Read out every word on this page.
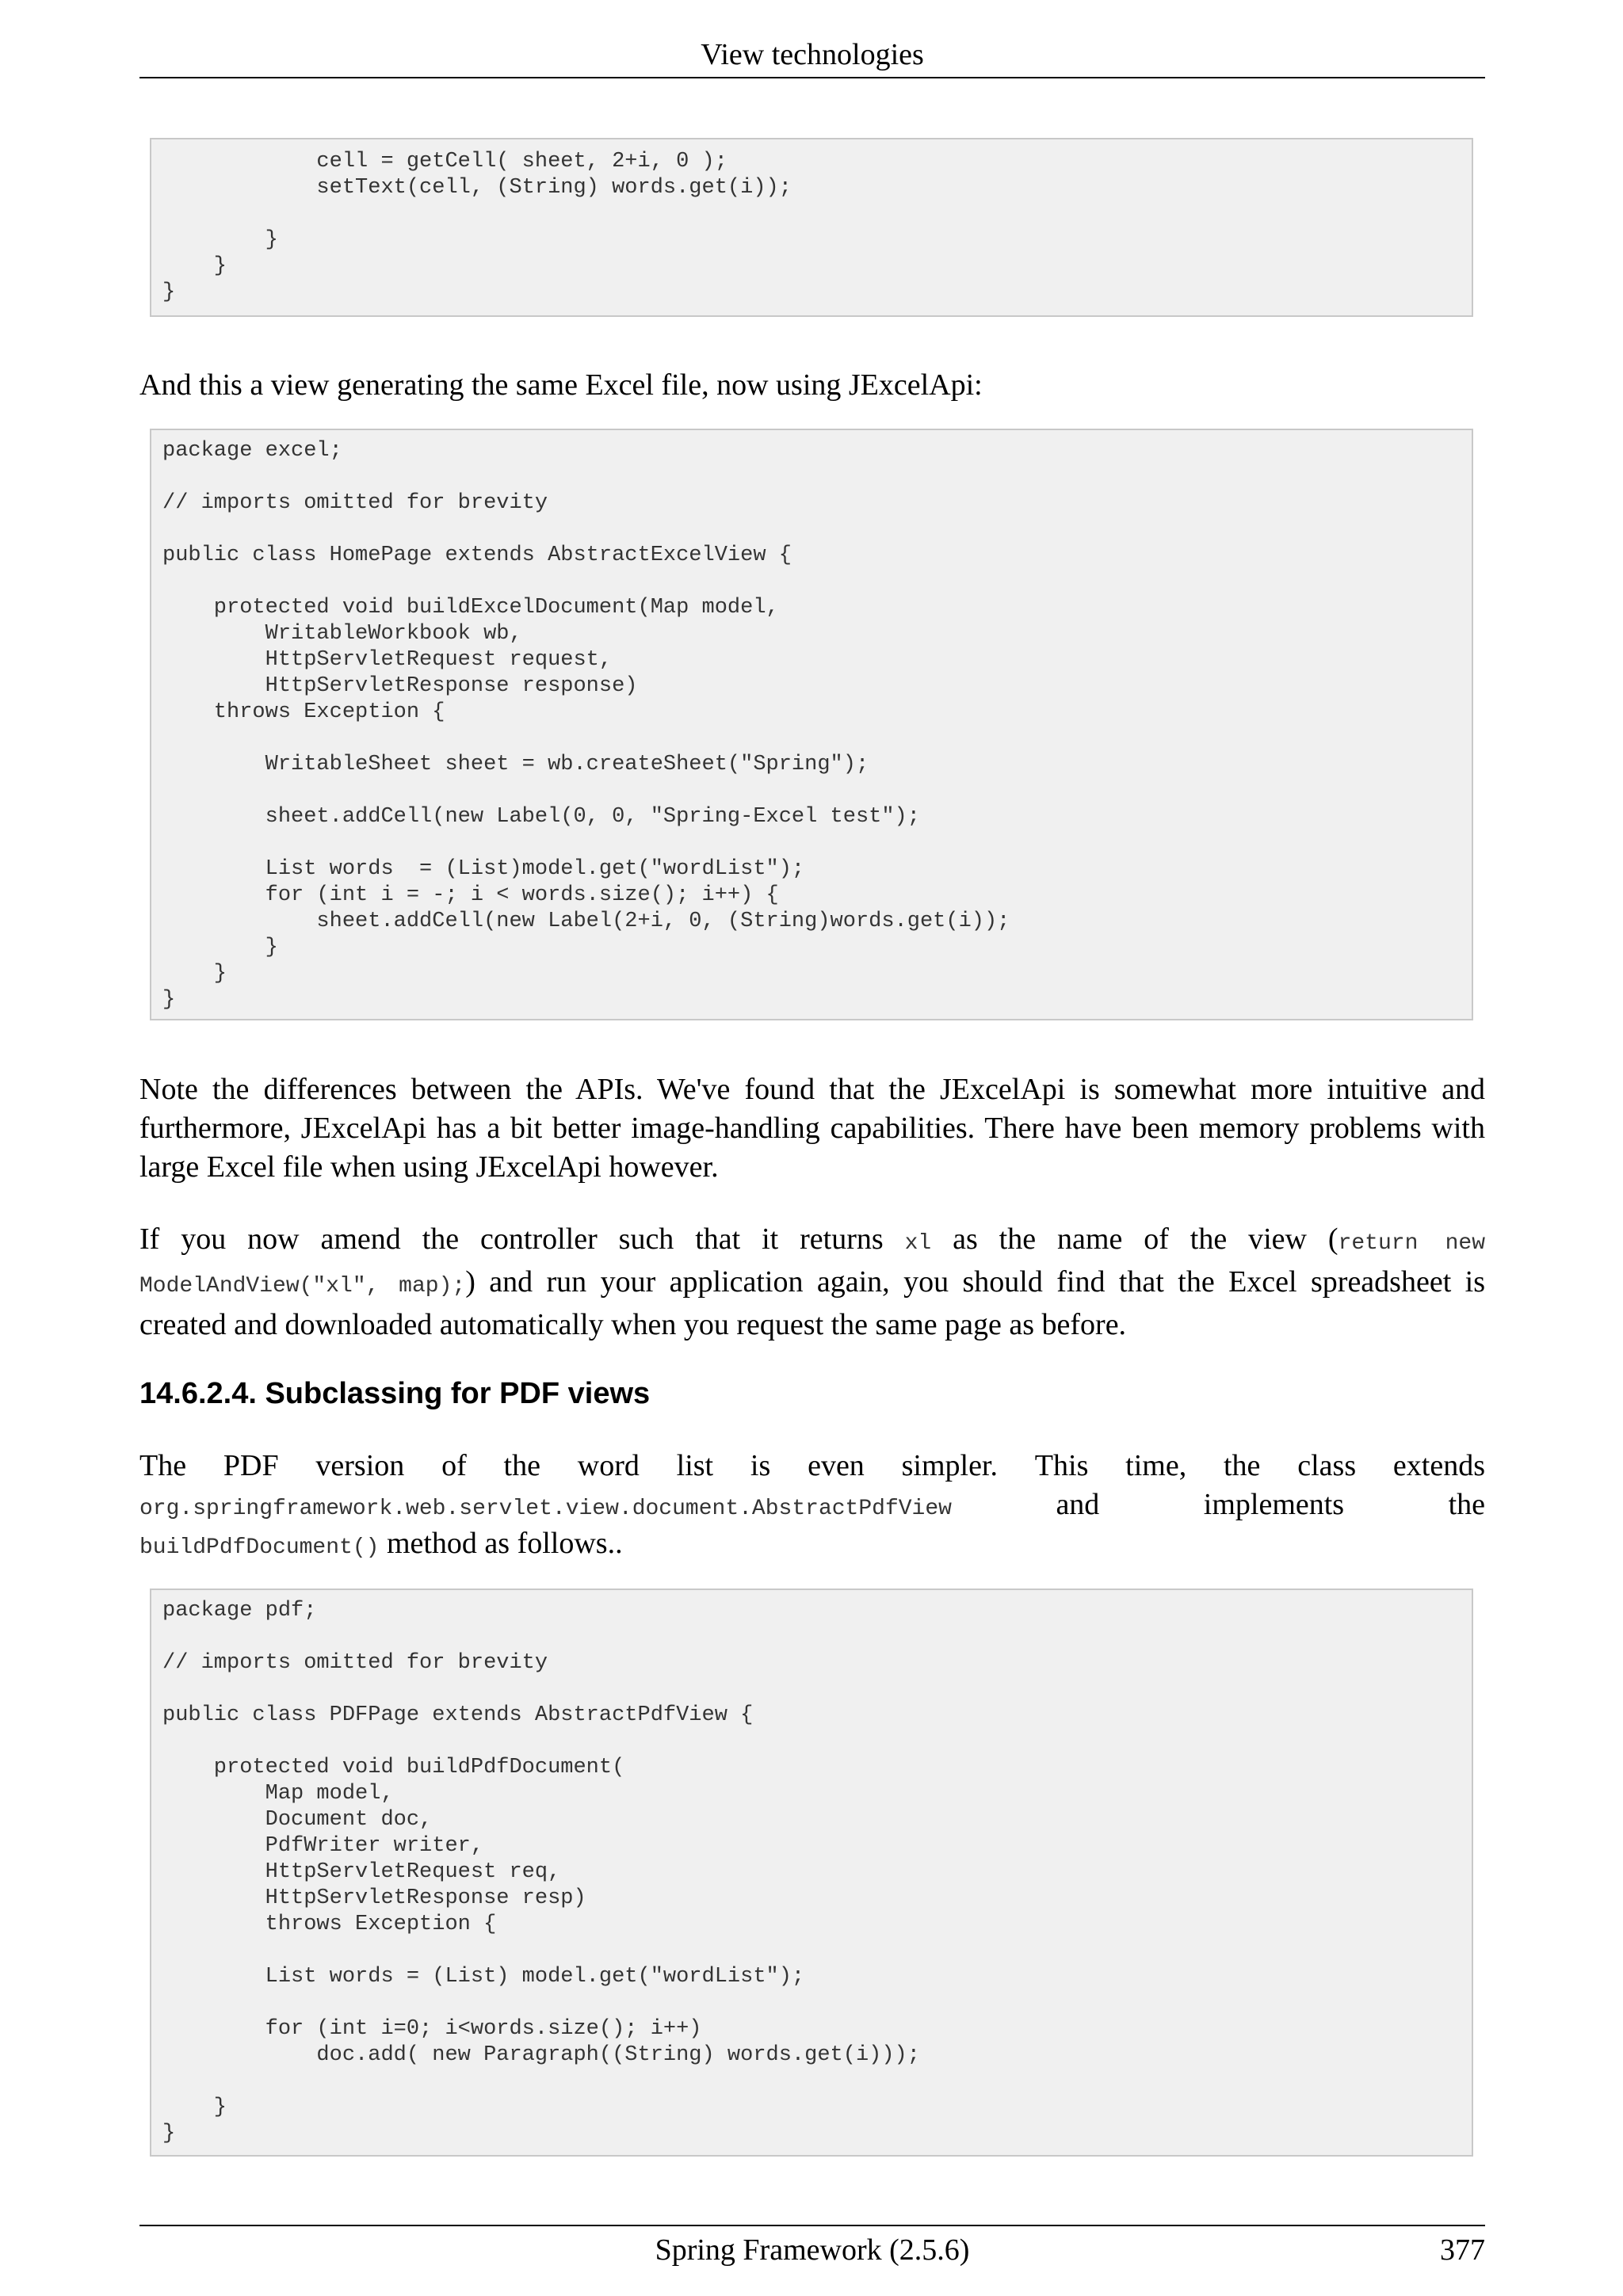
View technologies
cell = getCell( sheet, 2+i, 0 );
setText(cell, (String) words.get(i));

}
}
}

And this a view generating the same Excel file, now using JExcelApi:

package excel;

// imports omitted for brevity

public class HomePage extends AbstractExcelView {

protected void buildExcelDocument(Map model,
WritableWorkbook wb,
HttpServletRequest request,
HttpServletResponse response)
throws Exception {

WritableSheet sheet = wb.createSheet("Spring");

sheet.addCell(new Label(0, 0, "Spring-Excel test");

List words  = (List)model.get("wordList");
for (int i = -; i < words.size(); i++) {
sheet.addCell(new Label(2+i, 0, (String)words.get(i));
}
}
}

Note the differences between the APIs. We've found that the JExcelApi is somewhat more intuitive and furthermore, JExcelApi has a bit better image-handling capabilities. There have been memory problems with large Excel file when using JExcelApi however.

If you now amend the controller such that it returns xl as the name of the view (return new ModelAndView("xl", map);) and run your application again, you should find that the Excel spreadsheet is created and downloaded automatically when you request the same page as before.

14.6.2.4. Subclassing for PDF views
The PDF version of the word list is even simpler. This time, the class extends
org.springframework.web.servlet.view.document.AbstractPdfView	and	implements	the
buildPdfDocument() method as follows..
package pdf;

// imports omitted for brevity

public class PDFPage extends AbstractPdfView {

protected void buildPdfDocument(
Map model,
Document doc,
PdfWriter writer,
HttpServletRequest req,
HttpServletResponse resp)
throws Exception {

List words = (List) model.get("wordList");

for (int i=0; i<words.size(); i++)
doc.add( new Paragraph((String) words.get(i)));

}
}
Spring Framework (2.5.6)	377
